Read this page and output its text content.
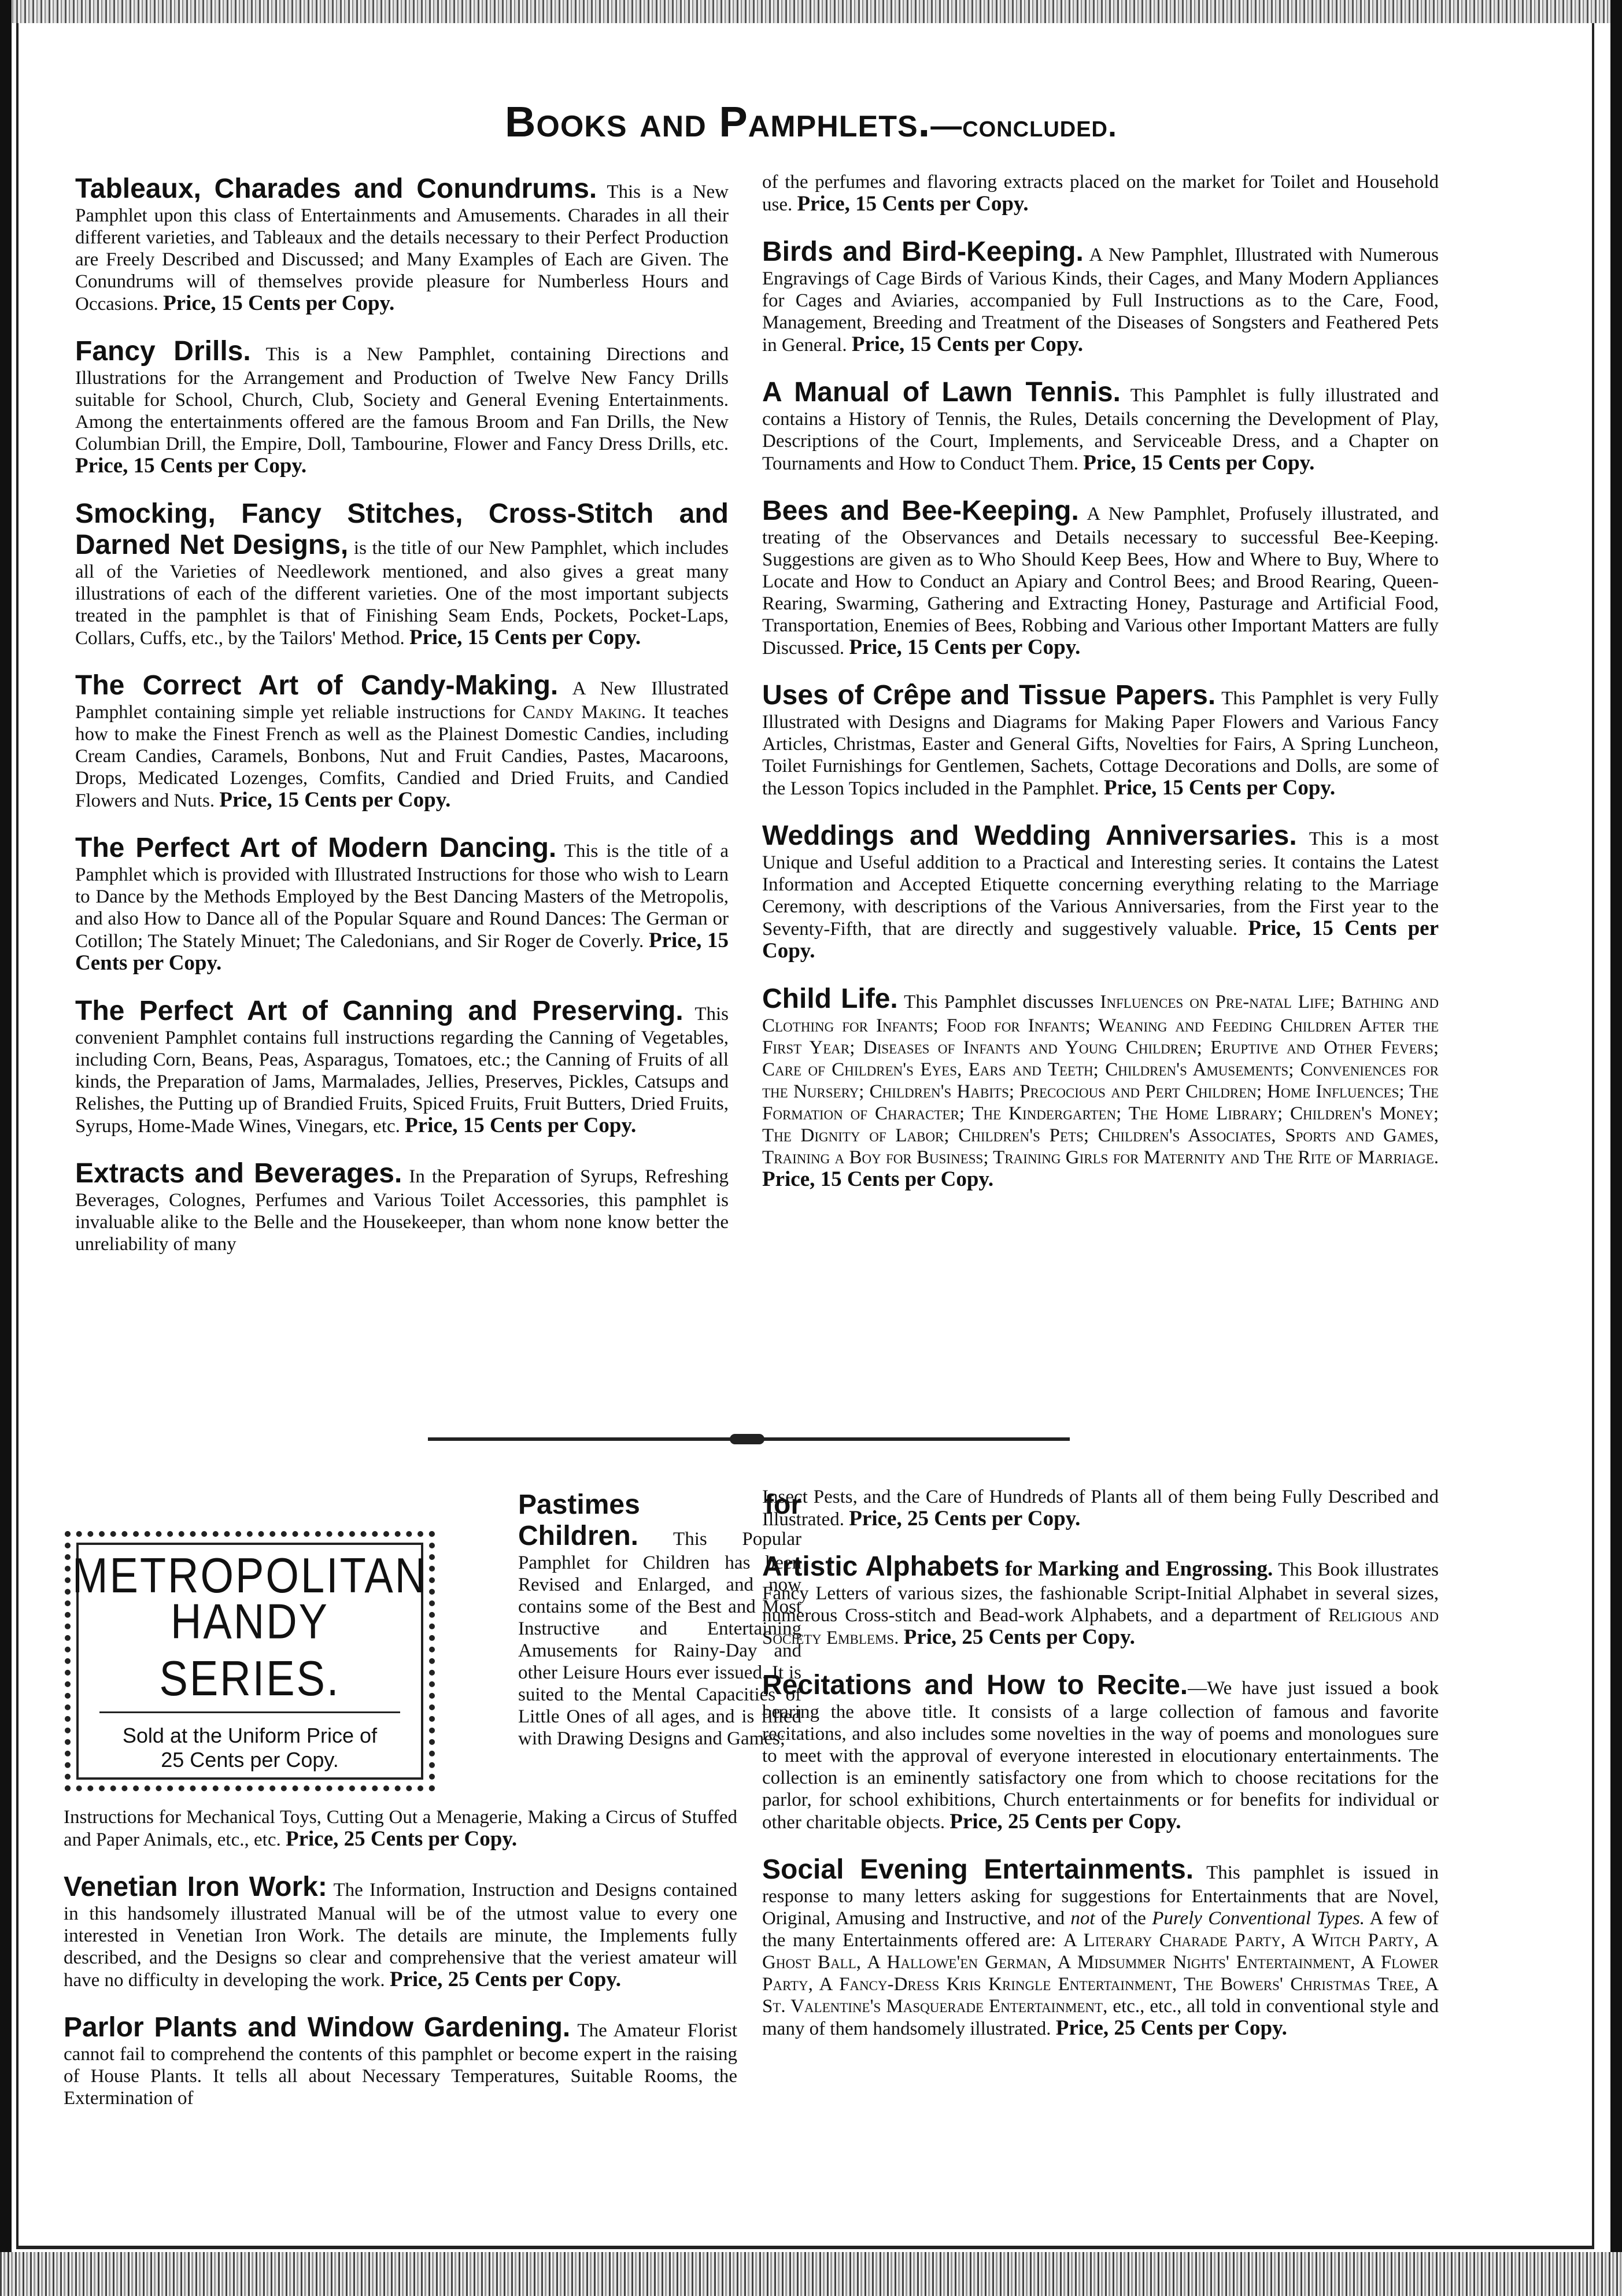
Books and Pamphlets.—concluded.

Tableaux, Charades and Conundrums. This is a New Pamphlet upon this class of Entertainments and Amusements. Charades in all their different varieties, and Tableaux and the details necessary to their Perfect Production are Freely Described and Discussed; and Many Examples of Each are Given. The Conundrums will of themselves provide pleasure for Numberless Hours and Occasions. Price, 15 Cents per Copy.

Fancy Drills. This is a New Pamphlet, containing Directions and Illustrations for the Arrangement and Production of Twelve New Fancy Drills suitable for School, Church, Club, Society and General Evening Entertainments. Among the entertainments offered are the famous Broom and Fan Drills, the New Columbian Drill, the Empire, Doll, Tambourine, Flower and Fancy Dress Drills, etc. Price, 15 Cents per Copy.

Smocking, Fancy Stitches, Cross-Stitch and Darned Net Designs, is the title of our New Pamphlet, which includes all of the Varieties of Needlework mentioned, and also gives a great many illustrations of each of the different varieties. One of the most important subjects treated in the pamphlet is that of Finishing Seam Ends, Pockets, Pocket-Laps, Collars, Cuffs, etc., by the Tailors' Method. Price, 15 Cents per Copy.

The Correct Art of Candy-Making. A New Illustrated Pamphlet containing simple yet reliable instructions for Candy Making. It teaches how to make the Finest French as well as the Plainest Domestic Candies, including Cream Candies, Caramels, Bonbons, Nut and Fruit Candies, Pastes, Macaroons, Drops, Medicated Lozenges, Comfits, Candied and Dried Fruits, and Candied Flowers and Nuts. Price, 15 Cents per Copy.

The Perfect Art of Modern Dancing. This is the title of a Pamphlet which is provided with Illustrated Instructions for those who wish to Learn to Dance by the Methods Employed by the Best Dancing Masters of the Metropolis, and also How to Dance all of the Popular Square and Round Dances: The German or Cotillon; The Stately Minuet; The Caledonians, and Sir Roger de Coverly. Price, 15 Cents per Copy.

The Perfect Art of Canning and Preserving. This convenient Pamphlet contains full instructions regarding the Canning of Vegetables, including Corn, Beans, Peas, Asparagus, Tomatoes, etc.; the Canning of Fruits of all kinds, the Preparation of Jams, Marmalades, Jellies, Preserves, Pickles, Catsups and Relishes, the Putting up of Brandied Fruits, Spiced Fruits, Fruit Butters, Dried Fruits, Syrups, Home-Made Wines, Vinegars, etc. Price, 15 Cents per Copy.

Extracts and Beverages. In the Preparation of Syrups, Refreshing Beverages, Colognes, Perfumes and Various Toilet Accessories, this pamphlet is invaluable alike to the Belle and the Housekeeper, than whom none know better the unreliability of many

of the perfumes and flavoring extracts placed on the market for Toilet and Household use. Price, 15 Cents per Copy.

Birds and Bird-Keeping. A New Pamphlet, Illustrated with Numerous Engravings of Cage Birds of Various Kinds, their Cages, and Many Modern Appliances for Cages and Aviaries, accompanied by Full Instructions as to the Care, Food, Management, Breeding and Treatment of the Diseases of Songsters and Feathered Pets in General. Price, 15 Cents per Copy.

A Manual of Lawn Tennis. This Pamphlet is fully illustrated and contains a History of Tennis, the Rules, Details concerning the Development of Play, Descriptions of the Court, Implements, and Serviceable Dress, and a Chapter on Tournaments and How to Conduct Them. Price, 15 Cents per Copy.

Bees and Bee-Keeping. A New Pamphlet, Profusely illustrated, and treating of the Observances and Details necessary to successful Bee-Keeping. Suggestions are given as to Who Should Keep Bees, How and Where to Buy, Where to Locate and How to Conduct an Apiary and Control Bees; and Brood Rearing, Queen-Rearing, Swarming, Gathering and Extracting Honey, Pasturage and Artificial Food, Transportation, Enemies of Bees, Robbing and Various other Important Matters are fully Discussed. Price, 15 Cents per Copy.

Uses of Crêpe and Tissue Papers. This Pamphlet is very Fully Illustrated with Designs and Diagrams for Making Paper Flowers and Various Fancy Articles, Christmas, Easter and General Gifts, Novelties for Fairs, A Spring Luncheon, Toilet Furnishings for Gentlemen, Sachets, Cottage Decorations and Dolls, are some of the Lesson Topics included in the Pamphlet. Price, 15 Cents per Copy.

Weddings and Wedding Anniversaries. This is a most Unique and Useful addition to a Practical and Interesting series. It contains the Latest Information and Accepted Etiquette concerning everything relating to the Marriage Ceremony, with descriptions of the Various Anniversaries, from the First year to the Seventy-Fifth, that are directly and suggestively valuable. Price, 15 Cents per Copy.

Child Life. This Pamphlet discusses Influences on Pre-natal Life; Bathing and Clothing for Infants; Food for Infants; Weaning and Feeding Children After the First Year; Diseases of Infants and Young Children; Eruptive and Other Fevers; Care of Children's Eyes, Ears and Teeth; Children's Amusements; Conveniences for the Nursery; Children's Habits; Precocious and Pert Children; Home Influences; The Formation of Character; The Kindergarten; The Home Library; Children's Money; The Dignity of Labor; Children's Pets; Children's Associates, Sports and Games, Training a Boy for Business; Training Girls for Maternity and The Rite of Marriage. Price, 15 Cents per Copy.

METROPOLITAN
HANDY SERIES.
Sold at the Uniform Price of
25 Cents per Copy.
Pastimes for Children. This Popular Pamphlet for Children has been Revised and Enlarged, and now contains some of the Best and Most Instructive and Entertaining Amusements for Rainy-Day and other Leisure Hours ever issued. It is suited to the Mental Capacities of Little Ones of all ages, and is filled with Drawing Designs and Games;

Instructions for Mechanical Toys, Cutting Out a Menagerie, Making a Circus of Stuffed and Paper Animals, etc., etc. Price, 25 Cents per Copy.

Venetian Iron Work: The Information, Instruction and Designs contained in this handsomely illustrated Manual will be of the utmost value to every one interested in Venetian Iron Work. The details are minute, the Implements fully described, and the Designs so clear and comprehensive that the veriest amateur will have no difficulty in developing the work. Price, 25 Cents per Copy.

Parlor Plants and Window Gardening. The Amateur Florist cannot fail to comprehend the contents of this pamphlet or become expert in the raising of House Plants. It tells all about Necessary Temperatures, Suitable Rooms, the Extermination of

Insect Pests, and the Care of Hundreds of Plants all of them being Fully Described and Illustrated. Price, 25 Cents per Copy.

Artistic Alphabets for Marking and Engrossing. This Book illustrates Fancy Letters of various sizes, the fashionable Script-Initial Alphabet in several sizes, numerous Cross-stitch and Bead-work Alphabets, and a department of Religious and Society Emblems. Price, 25 Cents per Copy.

Recitations and How to Recite.—We have just issued a book bearing the above title. It consists of a large collection of famous and favorite recitations, and also includes some novelties in the way of poems and monologues sure to meet with the approval of everyone interested in elocutionary entertainments. The collection is an eminently satisfactory one from which to choose recitations for the parlor, for school exhibitions, Church entertainments or for benefits for individual or other charitable objects. Price, 25 Cents per Copy.

Social Evening Entertainments. This pamphlet is issued in response to many letters asking for suggestions for Entertainments that are Novel, Original, Amusing and Instructive, and not of the Purely Conventional Types. A few of the many Entertainments offered are: A Literary Charade Party, A Witch Party, A Ghost Ball, A Hallowe'en German, A Midsummer Nights' Entertainment, A Flower Party, A Fancy-Dress Kris Kringle Entertainment, The Bowers' Christmas Tree, A St. Valentine's Masquerade Entertainment, etc., etc., all told in conventional style and many of them handsomely illustrated. Price, 25 Cents per Copy.
